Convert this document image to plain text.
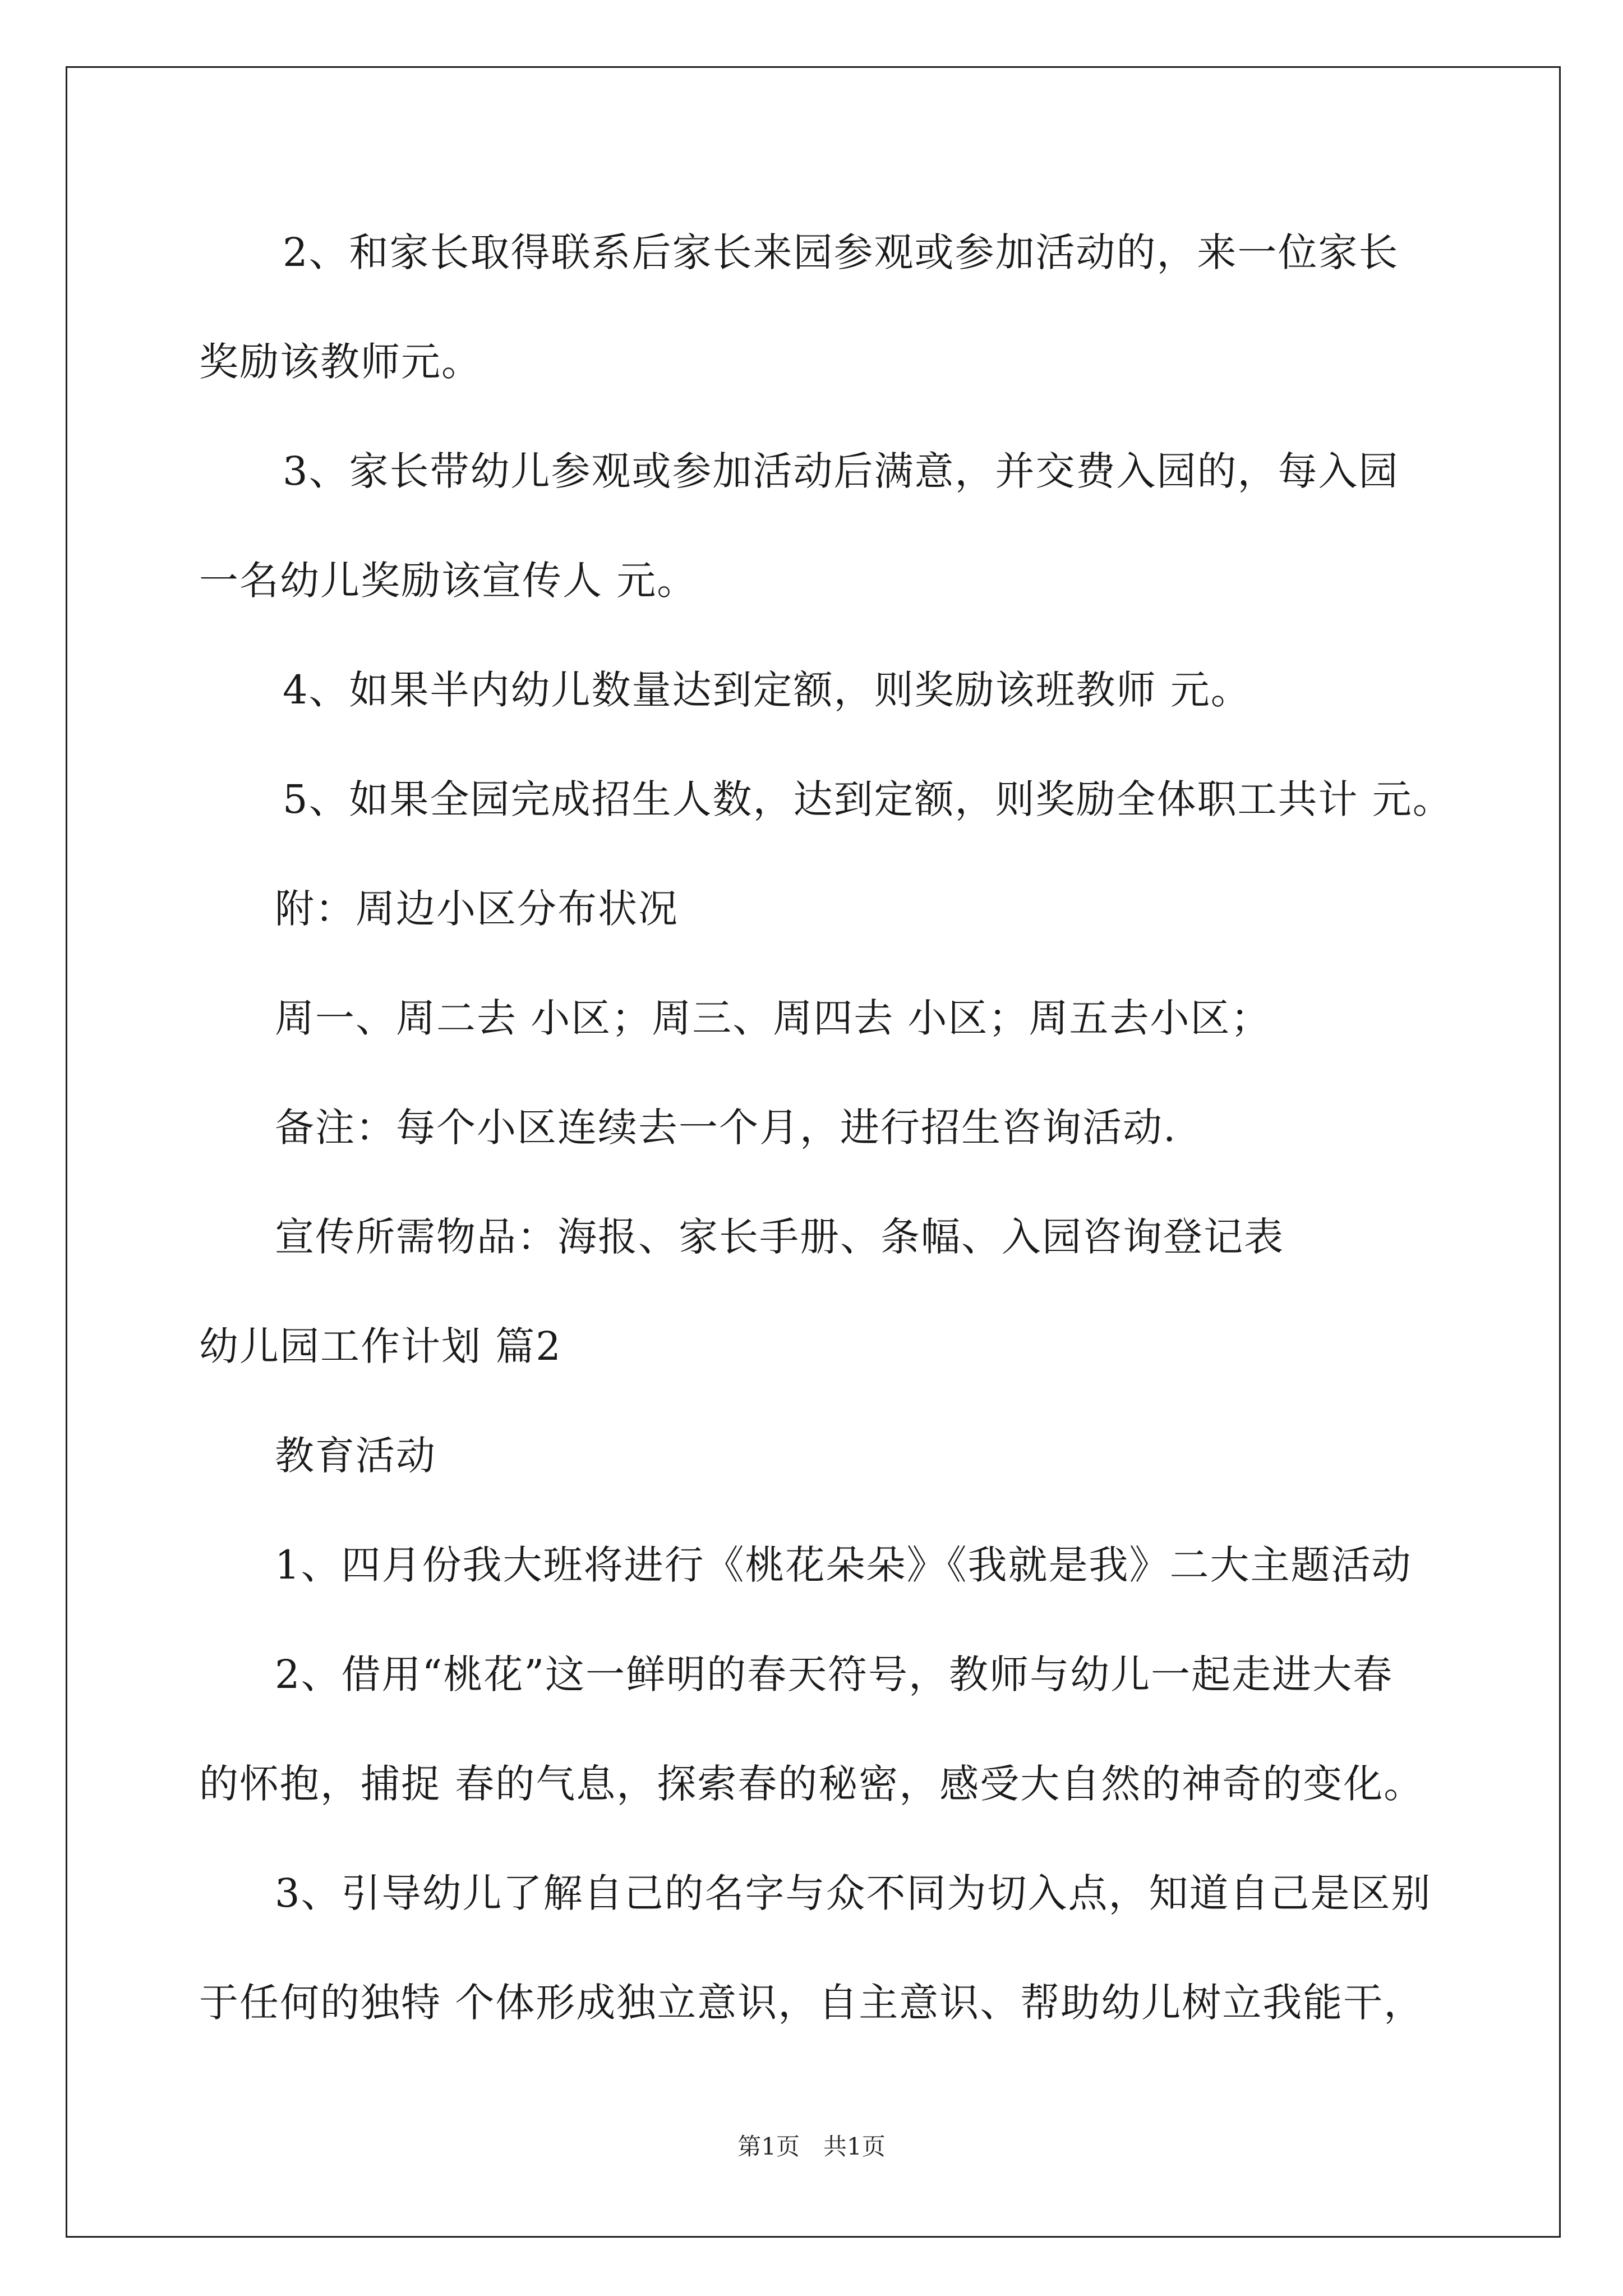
2、和家长取得联系后家长来园参观或参加活动的，来一位家长
奖励该教师元。
3、家长带幼儿参观或参加活动后满意，并交费入园的，每入园
一名幼儿奖励该宣传人 元。
4、如果半内幼儿数量达到定额，则奖励该班教师 元。
5、如果全园完成招生人数，达到定额，则奖励全体职工共计 元。
附：周边小区分布状况
周一、周二去 小区；周三、周四去 小区；周五去小区；
备注：每个小区连续去一个月，进行招生咨询活动.
宣传所需物品：海报、家长手册、条幅、入园咨询登记表
幼儿园工作计划 篇2
教育活动
1、四月份我大班将进行《桃花朵朵》《我就是我》二大主题活动
2、借用“桃花”这一鲜明的春天符号，教师与幼儿一起走进大春
的怀抱，捕捉 春的气息，探索春的秘密，感受大自然的神奇的变化。
3、引导幼儿了解自己的名字与众不同为切入点，知道自己是区别
于任何的独特 个体形成独立意识，自主意识、帮助幼儿树立我能干，
第1页　共1页
